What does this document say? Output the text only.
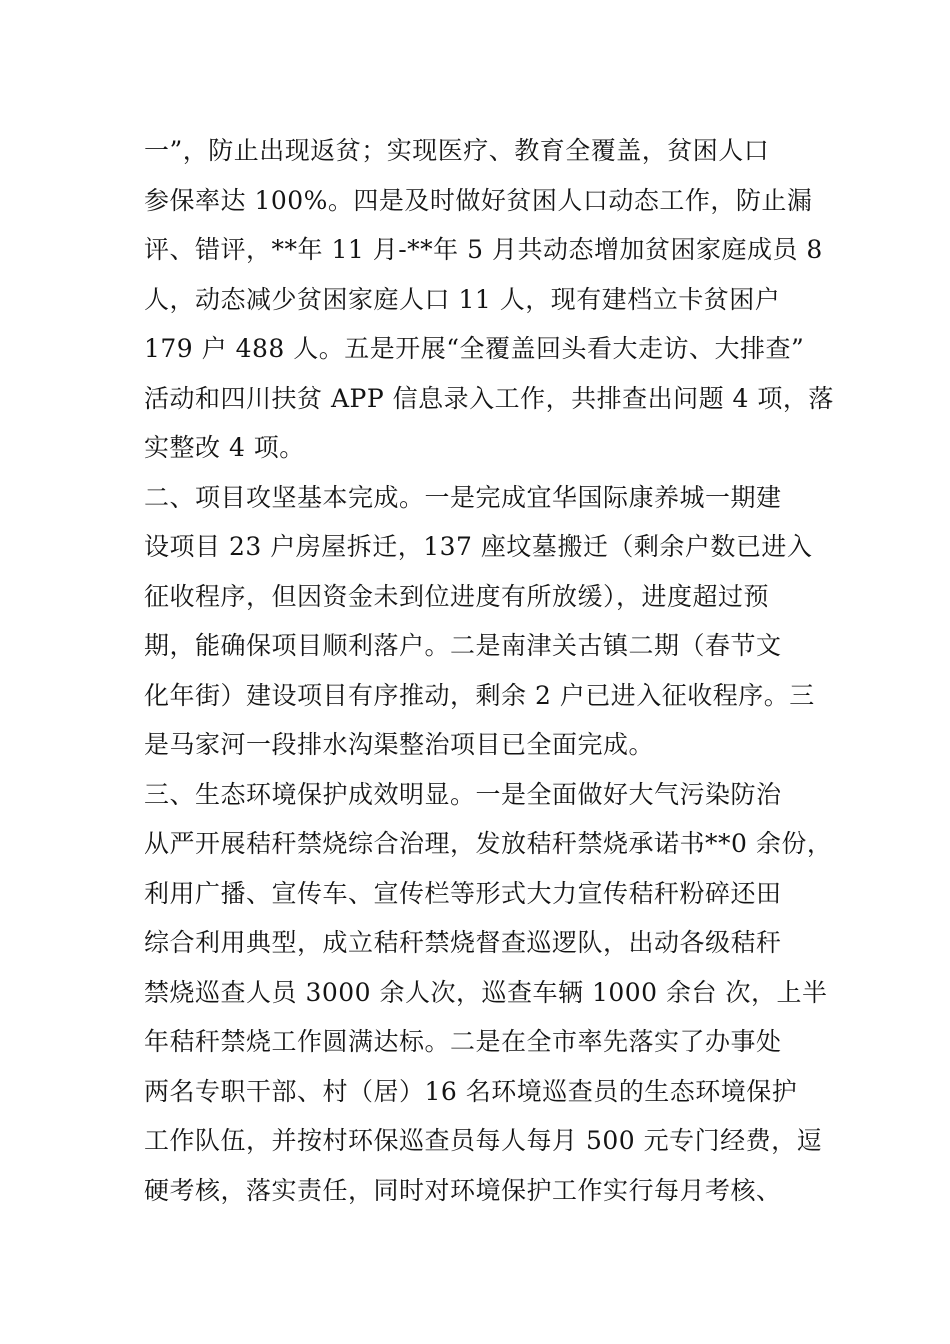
一”，防止出现返贫；实现医疗、教育全覆盖，贫困人口
参保率达 100%。四是及时做好贫困人口动态工作，防止漏
评、错评，**年 11 月-**年 5 月共动态增加贫困家庭成员 8
人，动态减少贫困家庭人口 11 人，现有建档立卡贫困户
179 户 488 人。五是开展“全覆盖回头看大走访、大排查”
活动和四川扶贫 APP 信息录入工作，共排查出问题 4 项，落
实整改 4 项。
二、项目攻坚基本完成。一是完成宜华国际康养城一期建
设项目 23 户房屋拆迁，137 座坟墓搬迁（剩余户数已进入
征收程序，但因资金未到位进度有所放缓），进度超过预
期，能确保项目顺利落户。二是南津关古镇二期（春节文
化年街）建设项目有序推动，剩余 2 户已进入征收程序。三
是马家河一段排水沟渠整治项目已全面完成。
三、生态环境保护成效明显。一是全面做好大气污染防治
从严开展秸秆禁烧综合治理，发放秸秆禁烧承诺书**0 余份，
利用广播、宣传车、宣传栏等形式大力宣传秸秆粉碎还田
综合利用典型，成立秸秆禁烧督查巡逻队，出动各级秸秆
禁烧巡查人员 3000 余人次，巡查车辆 1000 余台 次，上半
年秸秆禁烧工作圆满达标。二是在全市率先落实了办事处
两名专职干部、村（居）16 名环境巡查员的生态环境保护
工作队伍，并按村环保巡查员每人每月 500 元专门经费，逗
硬考核，落实责任，同时对环境保护工作实行每月考核、
